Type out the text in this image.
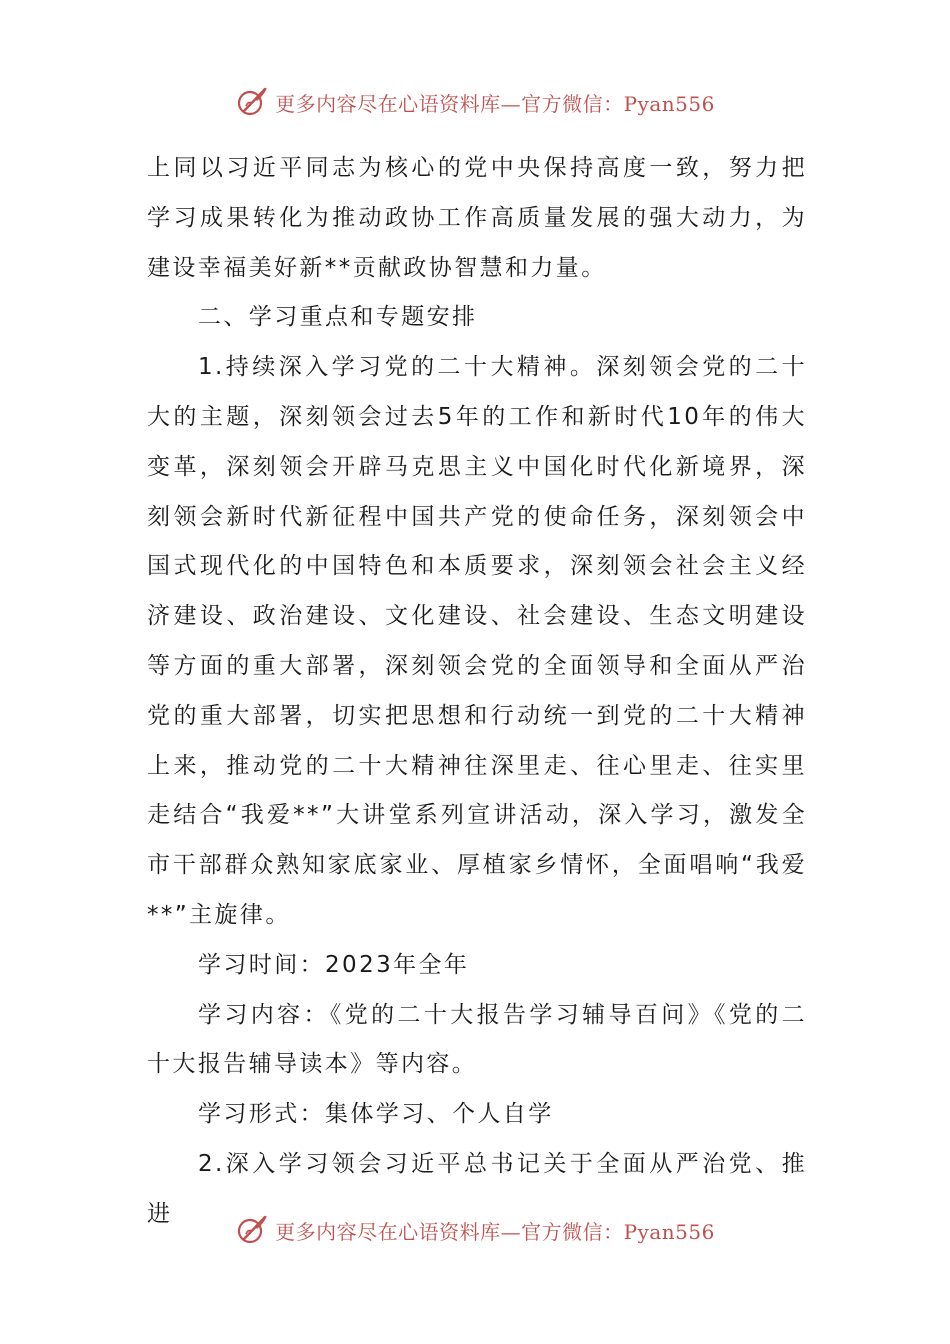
更多内容尽在心语资料库—官方微信：Pyan556

上同以习近平同志为核心的党中央保持高度一致，努力把学习成果转化为推动政协工作高质量发展的强大动力，为建设幸福美好新**贡献政协智慧和力量。

二、学习重点和专题安排

1.持续深入学习党的二十大精神。深刻领会党的二十大的主题，深刻领会过去5年的工作和新时代10年的伟大变革，深刻领会开辟马克思主义中国化时代化新境界，深刻领会新时代新征程中国共产党的使命任务，深刻领会中国式现代化的中国特色和本质要求，深刻领会社会主义经济建设、政治建设、文化建设、社会建设、生态文明建设等方面的重大部署，深刻领会党的全面领导和全面从严治党的重大部署，切实把思想和行动统一到党的二十大精神上来，推动党的二十大精神往深里走、往心里走、往实里走结合“我爱**”大讲堂系列宣讲活动，深入学习，激发全市干部群众熟知家底家业、厚植家乡情怀，全面唱响“我爱**”主旋律。

学习时间：2023年全年

学习内容：《党的二十大报告学习辅导百问》《党的二十大报告辅导读本》等内容。

学习形式：集体学习、个人自学

2.深入学习领会习近平总书记关于全面从严治党、推进

更多内容尽在心语资料库—官方微信：Pyan556
